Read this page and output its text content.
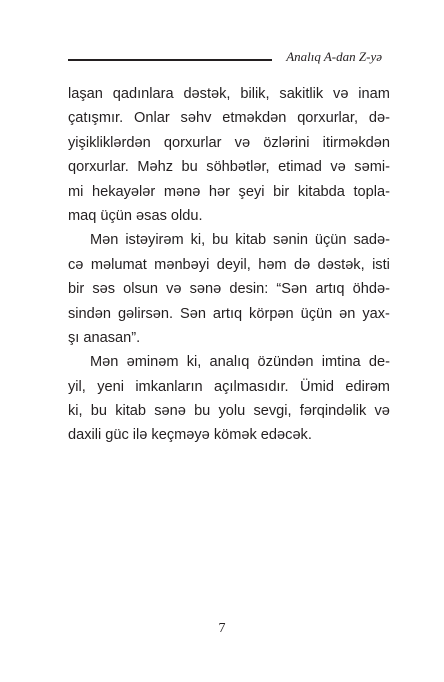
Analıq A-dan Z-yə
laşan qadınlara dəstək, bilik, sakitlik və inam
çatışmır. Onlar səhv etməkdən qorxurlar, də-
yişikliklərdən qorxurlar və özlərini itirməkdən
qorxurlar. Məhz bu söhbətlər, etimad və səmi-
mi hekayələr mənə hər şeyi bir kitabda topla-
maq üçün əsas oldu.
Mən istəyirəm ki, bu kitab sənin üçün sadə-
cə məlumat mənbəyi deyil, həm də dəstək, isti
bir səs olsun və sənə desin: “Sən artıq öhdə-
sindən gəlirsən. Sən artıq körpən üçün ən yax-
şı anasan”.
Mən əminəm ki, analıq özündən imtina de-
yil, yeni imkanların açılmasıdır. Ümid edirəm
ki, bu kitab sənə bu yolu sevgi, fərqindəlik və
daxili güc ilə keçməyə kömək edəcək.
7
